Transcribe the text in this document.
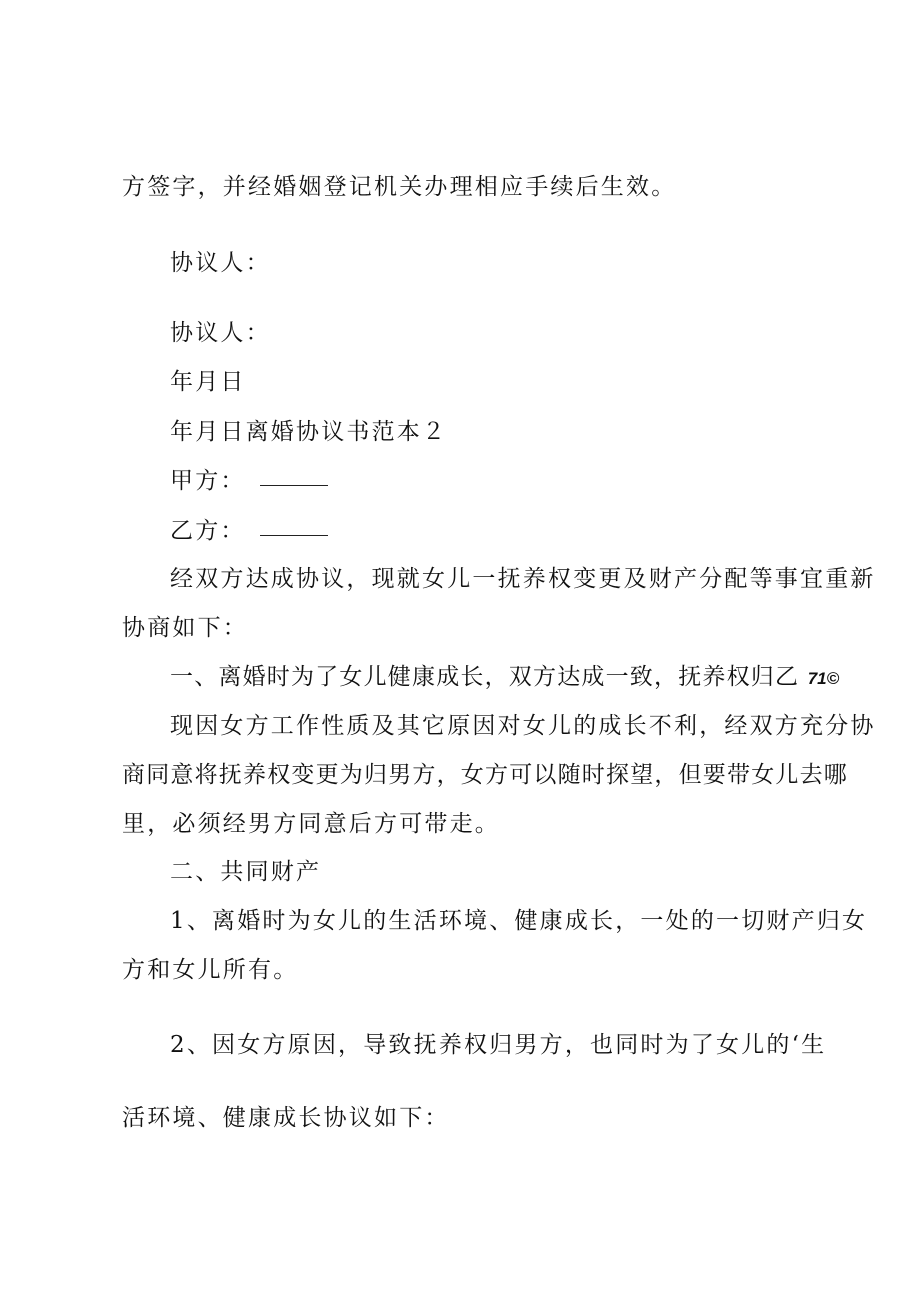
方签字，并经婚姻登记机关办理相应手续后生效。
协议人：
协议人：
年月日
年月日离婚协议书范本２
甲方：
乙方：
经双方达成协议，现就女儿一抚养权变更及财产分配等事宜重新
协商如下：
一、离婚时为了女儿健康成长，双方达成一致，抚养权归乙 71©
现因女方工作性质及其它原因对女儿的成长不利，经双方充分协
商同意将抚养权变更为归男方，女方可以随时探望，但要带女儿去哪
里，必须经男方同意后方可带走。
二、共同财产
1、离婚时为女儿的生活环境、健康成长，一处的一切财产归女
方和女儿所有。
2、因女方原因，导致抚养权归男方，也同时为了女儿的‘生
活环境、健康成长协议如下：
